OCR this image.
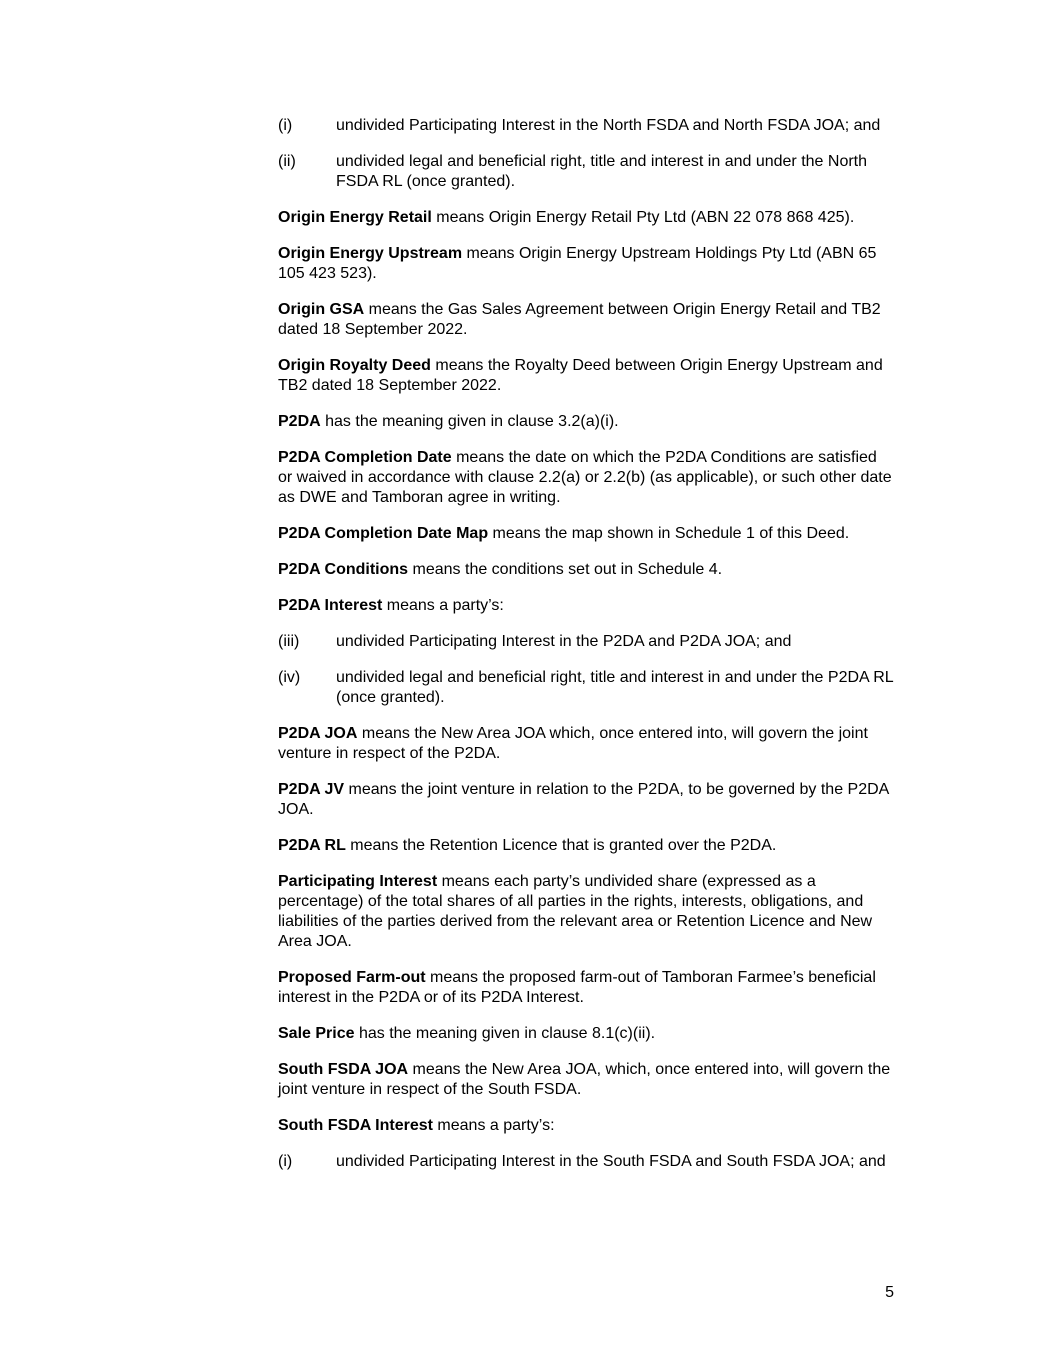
(i)	undivided Participating Interest in the North FSDA and North FSDA JOA; and
(ii)	undivided legal and beneficial right, title and interest in and under the North FSDA RL (once granted).

Origin Energy Retail means Origin Energy Retail Pty Ltd (ABN 22 078 868 425).

Origin Energy Upstream means Origin Energy Upstream Holdings Pty Ltd (ABN 65 105 423 523).

Origin GSA means the Gas Sales Agreement between Origin Energy Retail and TB2 dated 18 September 2022.

Origin Royalty Deed means the Royalty Deed between Origin Energy Upstream and TB2 dated 18 September 2022.

P2DA has the meaning given in clause 3.2(a)(i).

P2DA Completion Date means the date on which the P2DA Conditions are satisfied or waived in accordance with clause 2.2(a) or 2.2(b) (as applicable), or such other date as DWE and Tamboran agree in writing.

P2DA Completion Date Map means the map shown in Schedule 1 of this Deed.

P2DA Conditions means the conditions set out in Schedule 4.

P2DA Interest means a party’s:

(iii)	undivided Participating Interest in the P2DA and P2DA JOA; and
(iv)	undivided legal and beneficial right, title and interest in and under the P2DA RL (once granted).

P2DA JOA means the New Area JOA which, once entered into, will govern the joint venture in respect of the P2DA.

P2DA JV means the joint venture in relation to the P2DA, to be governed by the P2DA JOA.

P2DA RL means the Retention Licence that is granted over the P2DA.

Participating Interest means each party’s undivided share (expressed as a percentage) of the total shares of all parties in the rights, interests, obligations, and liabilities of the parties derived from the relevant area or Retention Licence and New Area JOA.

Proposed Farm-out means the proposed farm-out of Tamboran Farmee’s beneficial interest in the P2DA or of its P2DA Interest.

Sale Price has the meaning given in clause 8.1(c)(ii).

South FSDA JOA means the New Area JOA, which, once entered into, will govern the joint venture in respect of the South FSDA.

South FSDA Interest means a party’s:

(i)	undivided Participating Interest in the South FSDA and South FSDA JOA; and
5
